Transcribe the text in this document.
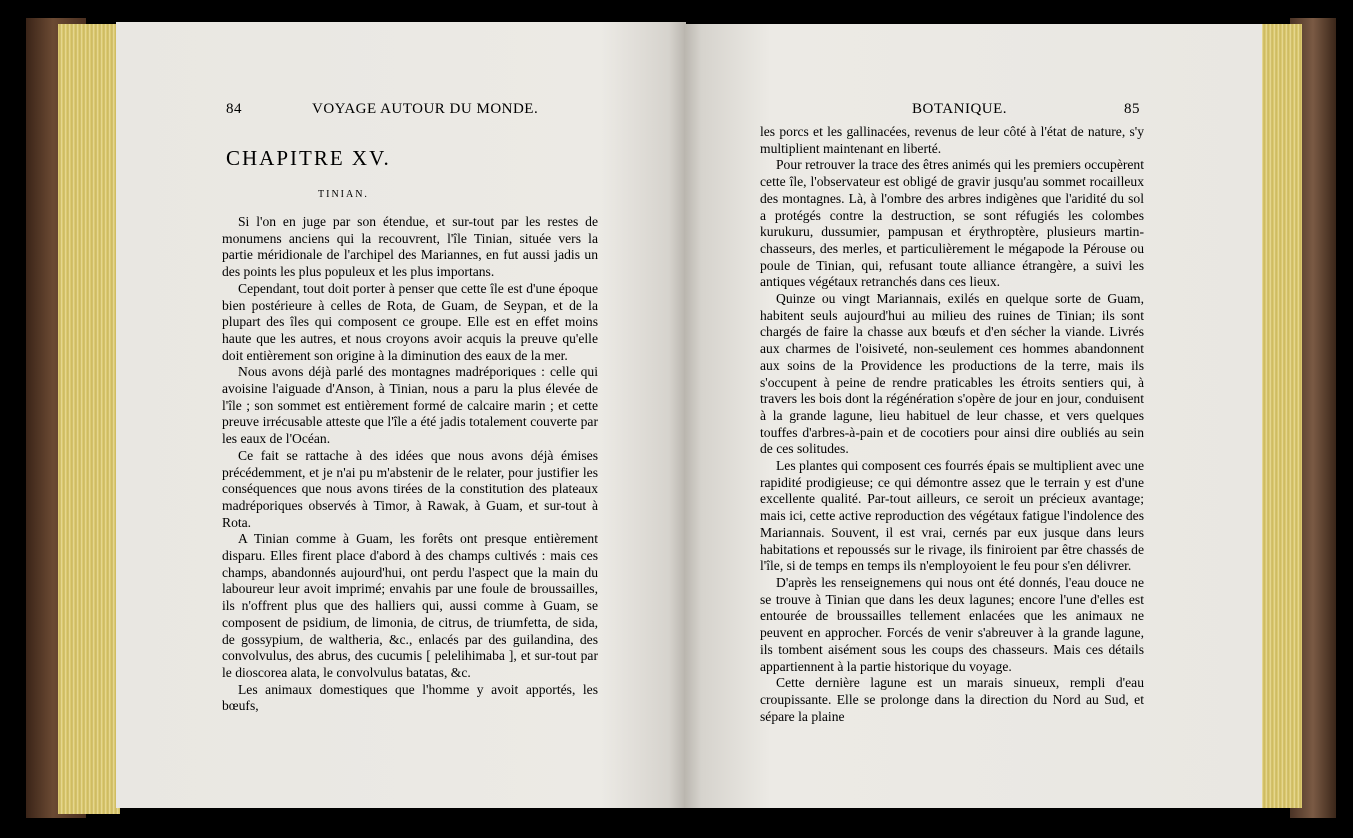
84	VOYAGE AUTOUR DU MONDE.
CHAPITRE XV.
TINIAN.

Si l'on en juge par son étendue, et sur-tout par les restes de monumens anciens qui la recouvrent, l'île Tinian, située vers la partie méridionale de l'archipel des Mariannes, en fut aussi jadis un des points les plus populeux et les plus importans.

Cependant, tout doit porter à penser que cette île est d'une époque bien postérieure à celles de Rota, de Guam, de Seypan, et de la plupart des îles qui composent ce groupe. Elle est en effet moins haute que les autres, et nous croyons avoir acquis la preuve qu'elle doit entièrement son origine à la diminution des eaux de la mer.

Nous avons déjà parlé des montagnes madréporiques : celle qui avoisine l'aiguade d'Anson, à Tinian, nous a paru la plus élevée de l'île ; son sommet est entièrement formé de calcaire marin ; et cette preuve irrécusable atteste que l'île a été jadis totalement couverte par les eaux de l'Océan.

Ce fait se rattache à des idées que nous avons déjà émises précédemment, et je n'ai pu m'abstenir de le relater, pour justifier les conséquences que nous avons tirées de la constitution des plateaux madréporiques observés à Timor, à Rawak, à Guam, et sur-tout à Rota.

A Tinian comme à Guam, les forêts ont presque entièrement disparu. Elles firent place d'abord à des champs cultivés : mais ces champs, abandonnés aujourd'hui, ont perdu l'aspect que la main du laboureur leur avoit imprimé; envahis par une foule de broussailles, ils n'offrent plus que des halliers qui, aussi comme à Guam, se composent de psidium, de limonia, de citrus, de triumfetta, de sida, de gossypium, de waltheria, &c., enlacés par des guilandina, des convolvulus, des abrus, des cucumis [ pelelihimaba ], et sur-tout par le dioscorea alata, le convolvulus batatas, &c.

Les animaux domestiques que l'homme y avoit apportés, les bœufs,

BOTANIQUE.	85

les porcs et les gallinacées, revenus de leur côté à l'état de nature, s'y multiplient maintenant en liberté.

Pour retrouver la trace des êtres animés qui les premiers occupèrent cette île, l'observateur est obligé de gravir jusqu'au sommet rocailleux des montagnes. Là, à l'ombre des arbres indigènes que l'aridité du sol a protégés contre la destruction, se sont réfugiés les colombes kurukuru, dussumier, pampusan et érythroptère, plusieurs martin-chasseurs, des merles, et particulièrement le mégapode la Pérouse ou poule de Tinian, qui, refusant toute alliance étrangère, a suivi les antiques végétaux retranchés dans ces lieux.

Quinze ou vingt Mariannais, exilés en quelque sorte de Guam, habitent seuls aujourd'hui au milieu des ruines de Tinian; ils sont chargés de faire la chasse aux bœufs et d'en sécher la viande. Livrés aux charmes de l'oisiveté, non-seulement ces hommes abandonnent aux soins de la Providence les productions de la terre, mais ils s'occupent à peine de rendre praticables les étroits sentiers qui, à travers les bois dont la régénération s'opère de jour en jour, conduisent à la grande lagune, lieu habituel de leur chasse, et vers quelques touffes d'arbres-à-pain et de cocotiers pour ainsi dire oubliés au sein de ces solitudes.

Les plantes qui composent ces fourrés épais se multiplient avec une rapidité prodigieuse; ce qui démontre assez que le terrain y est d'une excellente qualité. Par-tout ailleurs, ce seroit un précieux avantage; mais ici, cette active reproduction des végétaux fatigue l'indolence des Mariannais. Souvent, il est vrai, cernés par eux jusque dans leurs habitations et repoussés sur le rivage, ils finiroient par être chassés de l'île, si de temps en temps ils n'employoient le feu pour s'en délivrer.

D'après les renseignemens qui nous ont été donnés, l'eau douce ne se trouve à Tinian que dans les deux lagunes; encore l'une d'elles est entourée de broussailles tellement enlacées que les animaux ne peuvent en approcher. Forcés de venir s'abreuver à la grande lagune, ils tombent aisément sous les coups des chasseurs. Mais ces détails appartiennent à la partie historique du voyage.

Cette dernière lagune est un marais sinueux, rempli d'eau croupissante. Elle se prolonge dans la direction du Nord au Sud, et sépare la plaine
